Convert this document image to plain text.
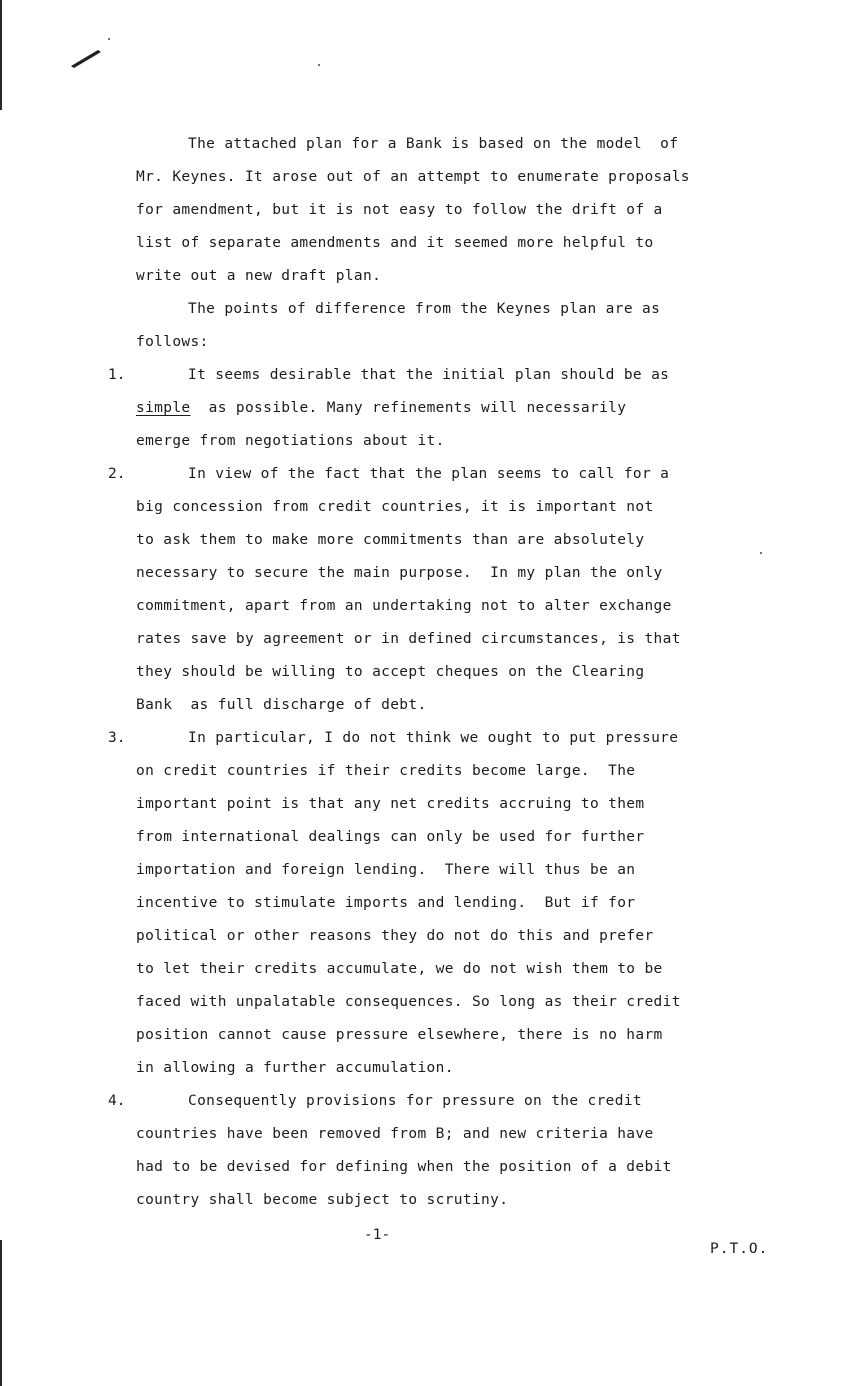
The attached plan for a Bank is based on the model  of
Mr. Keynes. It arose out of an attempt to enumerate proposals
for amendment, but it is not easy to follow the drift of a
list of separate amendments and it seemed more helpful to
write out a new draft plan.
The points of difference from the Keynes plan are as
follows:
1.	It seems desirable that the initial plan should be as
simple as possible. Many refinements will necessarily
emerge from negotiations about it.
2.	In view of the fact that the plan seems to call for a
big concession from credit countries, it is important not
to ask them to make more commitments than are absolutely
necessary to secure the main purpose.  In my plan the only
commitment, apart from an undertaking not to alter exchange
rates save by agreement or in defined circumstances, is that
they should be willing to accept cheques on the Clearing
Bank  as full discharge of debt.
3.	In particular, I do not think we ought to put pressure
on credit countries if their credits become large.  The
important point is that any net credits accruing to them
from international dealings can only be used for further
importation and foreign lending.  There will thus be an
incentive to stimulate imports and lending.  But if for
political or other reasons they do not do this and prefer
to let their credits accumulate, we do not wish them to be
faced with unpalatable consequences. So long as their credit
position cannot cause pressure elsewhere, there is no harm
in allowing a further accumulation.
4.	Consequently provisions for pressure on the credit
countries have been removed from B; and new criteria have
had to be devised for defining when the position of a debit
country shall become subject to scrutiny.
-1-
P.T.O.
